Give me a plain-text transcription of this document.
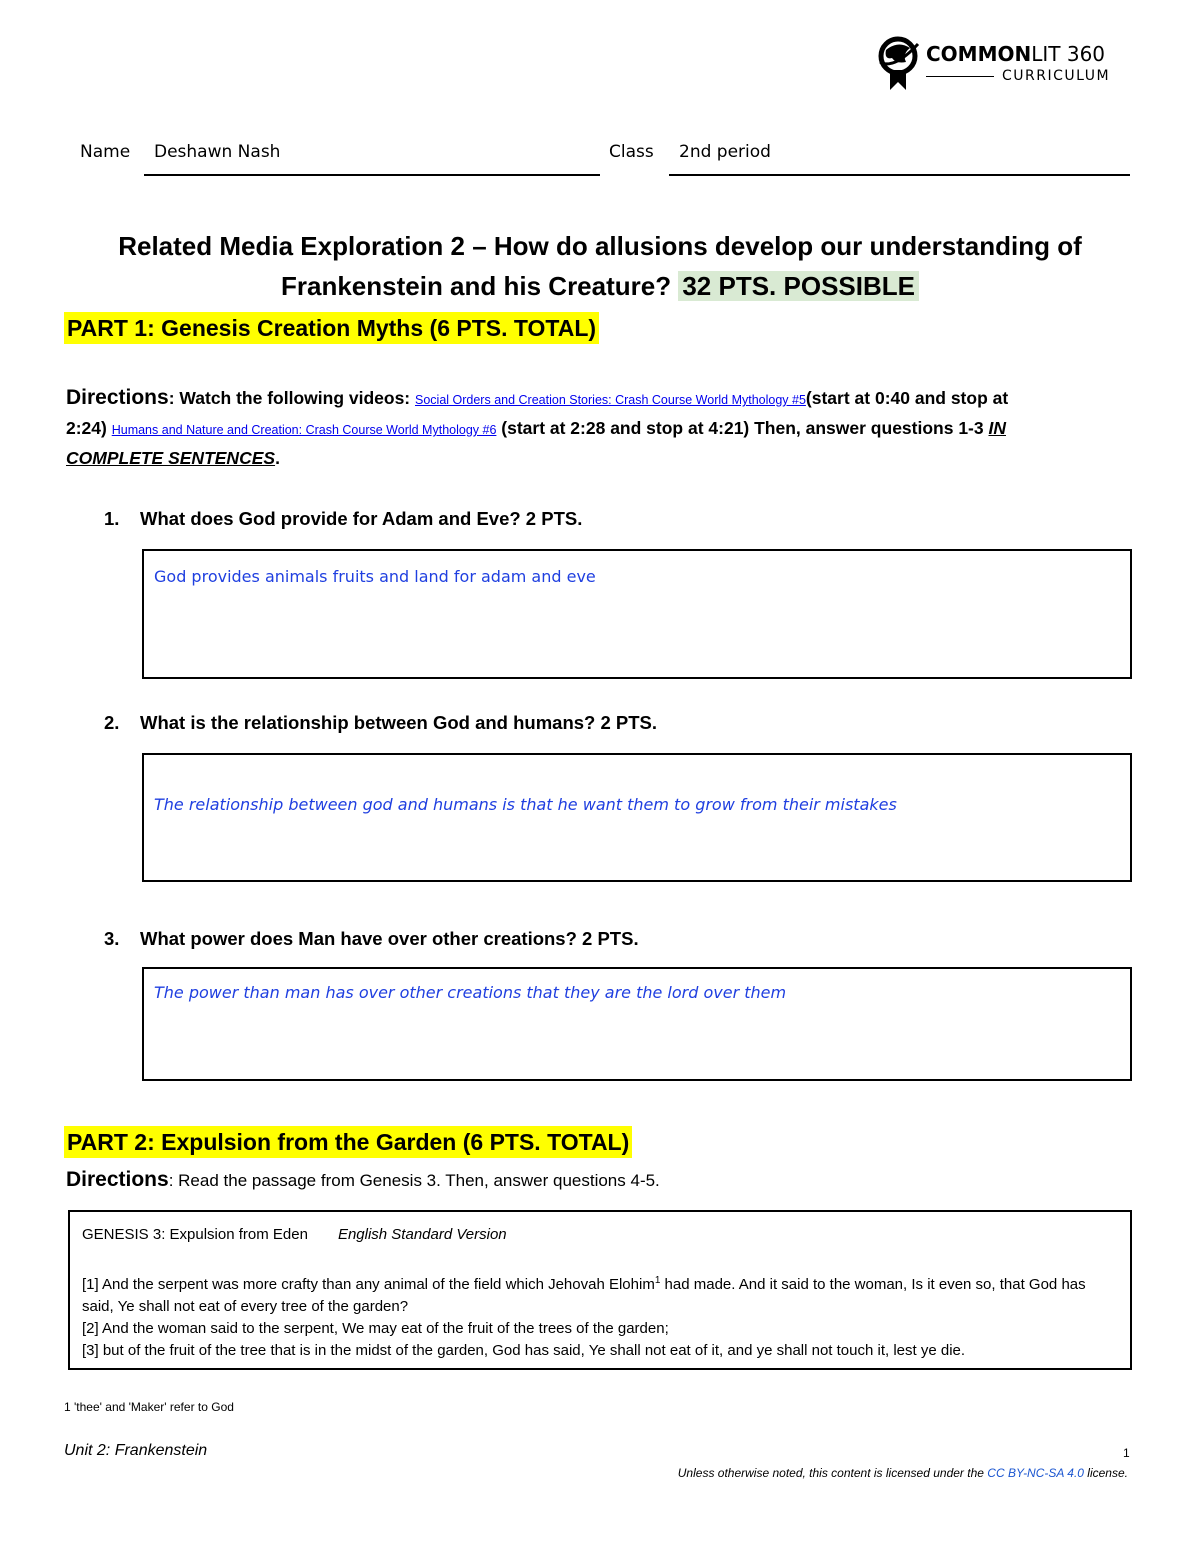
COMMONLIT 360
CURRICULUM
Name Deshawn Nash	Class 2nd period
Related Media Exploration 2 – How do allusions develop our understanding of
Frankenstein and his Creature? 32 PTS. POSSIBLE
PART 1: Genesis Creation Myths (6 PTS. TOTAL)
Directions: Watch the following videos: Social Orders and Creation Stories: Crash Course World Mythology #5(start at 0:40 and stop at 2:24) Humans and Nature and Creation: Crash Course World Mythology #6 (start at 2:28 and stop at 4:21) Then, answer questions 1-3 IN COMPLETE SENTENCES.
1. What does God provide for Adam and Eve? 2 PTS.
God provides animals fruits and land for adam and eve
2. What is the relationship between God and humans? 2 PTS.
The relationship between god and humans is that he want them to grow from their mistakes
3. What power does Man have over other creations? 2 PTS.
The power than man has over other creations that they are the lord over them
PART 2: Expulsion from the Garden (6 PTS. TOTAL)
Directions: Read the passage from Genesis 3. Then, answer questions 4-5.
GENESIS 3: Expulsion from Eden English Standard Version

[1] And the serpent was more crafty than any animal of the field which Jehovah Elohim$^1$ had made. And it said to the woman, Is it even so, that God has said, Ye shall not eat of every tree of the garden?

[2] And the woman said to the serpent, We may eat of the fruit of the trees of the garden;

[3] but of the fruit of the tree that is in the midst of the garden, God has said, Ye shall not eat of it, and ye shall not touch it, lest ye die.

1 'thee' and 'Maker' refer to God
Unit 2: Frankenstein	1
Unless otherwise noted, this content is licensed under the CC BY-NC-SA 4.0 license.
